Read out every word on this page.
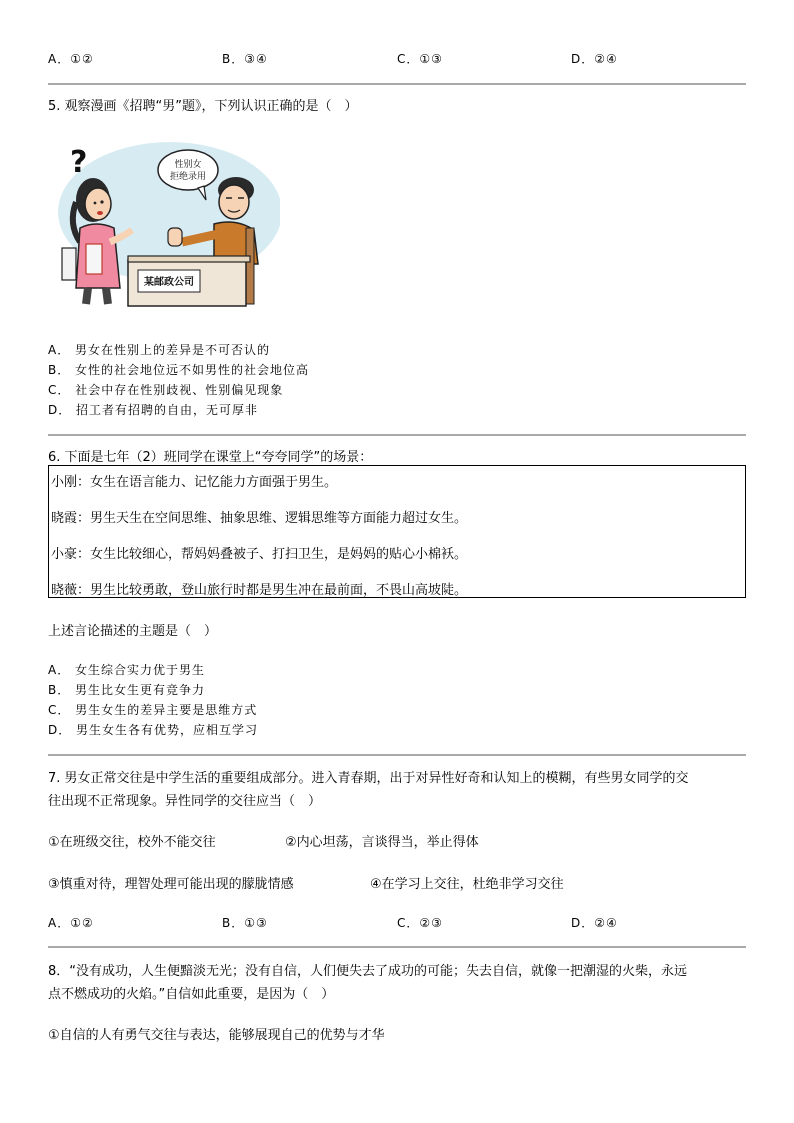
A．①②	B．③④	C．①③	D．②④
5. 观察漫画《招聘“男”题》，下列认识正确的是（　）
?	性别女
拒绝录用
某邮政公司
A． 男女在性别上的差异是不可否认的
B． 女性的社会地位远不如男性的社会地位高
C． 社会中存在性别歧视、性别偏见现象
D． 招工者有招聘的自由，无可厚非
6. 下面是七年（2）班同学在课堂上“夸夸同学”的场景：
小刚：女生在语言能力、记忆能力方面强于男生。
晓霞：男生天生在空间思维、抽象思维、逻辑思维等方面能力超过女生。
小豪：女生比较细心，帮妈妈叠被子、打扫卫生，是妈妈的贴心小棉袄。
晓薇：男生比较勇敢，登山旅行时都是男生冲在最前面，不畏山高坡陡。
上述言论描述的主题是（　）
A． 女生综合实力优于男生
B． 男生比女生更有竞争力
C． 男生女生的差异主要是思维方式
D． 男生女生各有优势，应相互学习
7. 男女正常交往是中学生活的重要组成部分。进入青春期，出于对异性好奇和认知上的模糊，有些男女同学的交
往出现不正常现象。异性同学的交往应当（　）
①在班级交往，校外不能交往	②内心坦荡，言谈得当，举止得体
③慎重对待，理智处理可能出现的朦胧情感	④在学习上交往，杜绝非学习交往
A．①②	B．①③	C．②③	D．②④
8．“没有成功，人生便黯淡无光；没有自信，人们便失去了成功的可能；失去自信，就像一把潮湿的火柴，永远
点不燃成功的火焰。”自信如此重要，是因为（　）
①自信的人有勇气交往与表达，能够展现自己的优势与才华
